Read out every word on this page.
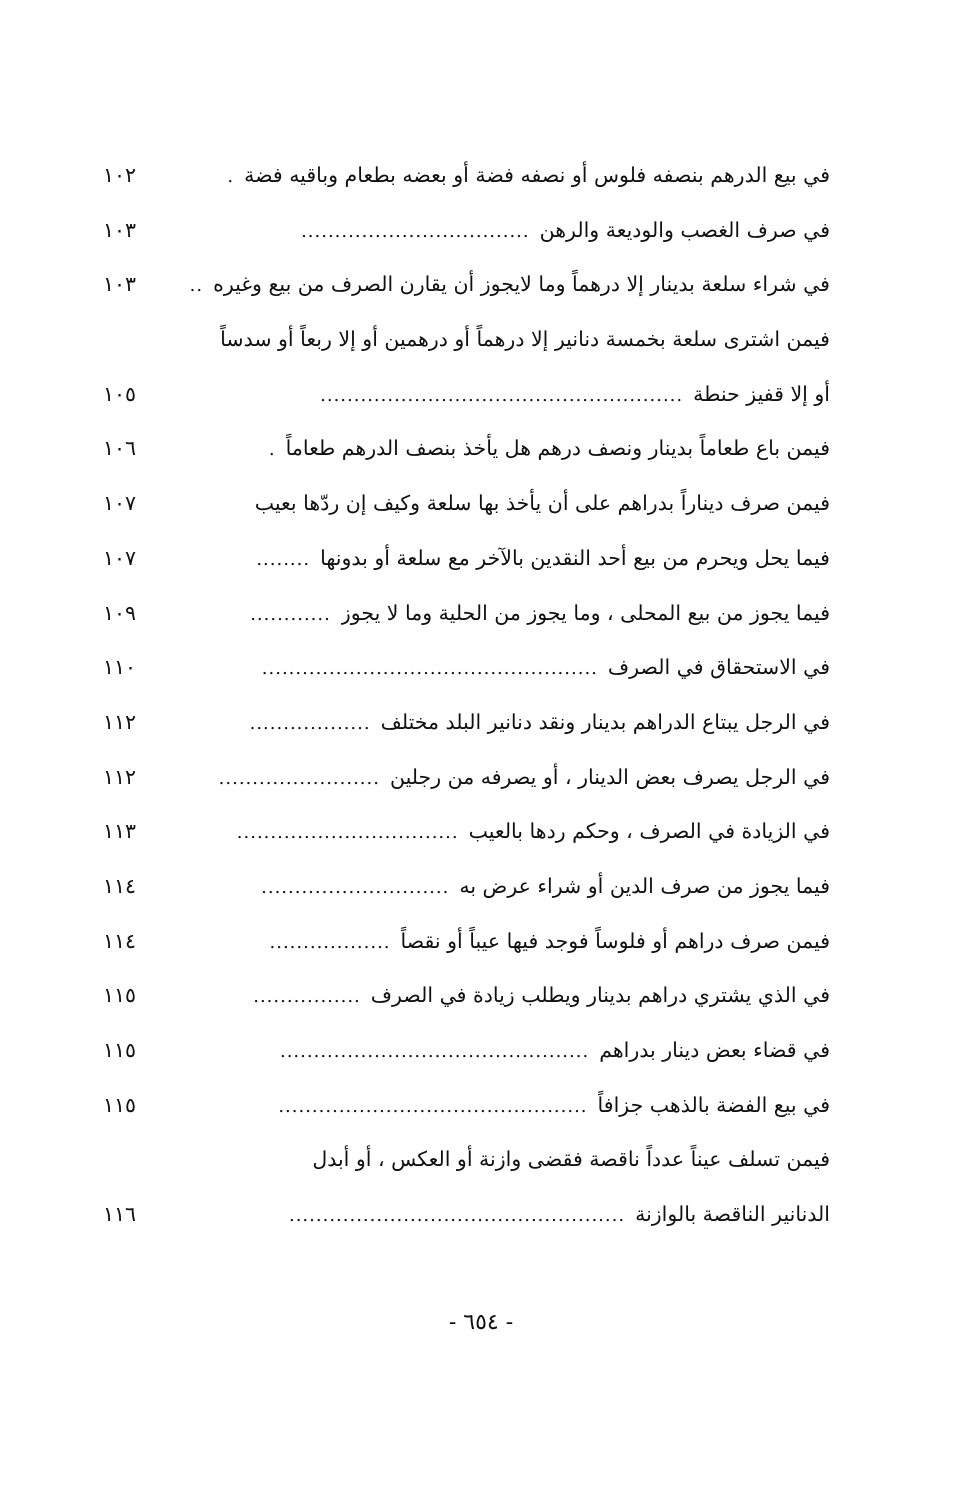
في بيع الدرهم بنصفه فلوس أو نصفه فضة أو بعضه بطعام وباقيه فضة
.
١٠٢
في صرف الغصب والوديعة والرهن
..................................
١٠٣
في شراء سلعة بدينار إلا درهماً وما لايجوز أن يقارن الصرف من بيع وغيره
..
١٠٣
فيمن اشترى سلعة بخمسة دنانير إلا درهماً أو درهمين أو إلا ربعاً أو سدساً
أو إلا قفيز حنطة
......................................................
١٠٥
فيمن باع طعاماً بدينار ونصف درهم هل يأخذ بنصف الدرهم طعاماً
.
١٠٦
فيمن صرف ديناراً بدراهم على أن يأخذ بها سلعة وكيف إن ردّها بعيب
١٠٧
فيما يحل ويحرم من بيع أحد النقدين بالآخر مع سلعة أو بدونها
........
١٠٧
فيما يجوز من بيع المحلى ، وما يجوز من الحلية وما لا يجوز
............
١٠٩
في الاستحقاق في الصرف
..................................................
١١٠
في الرجل يبتاع الدراهم بدينار ونقد دنانير البلد مختلف
..................
١١٢
في الرجل يصرف بعض الدينار ، أو يصرفه من رجلين
........................
١١٢
في الزيادة في الصرف ، وحكم ردها بالعيب
.................................
١١٣
فيما يجوز من صرف الدين أو شراء عرض به
............................
١١٤
فيمن صرف دراهم أو فلوساً فوجد فيها عيباً أو نقصاً
..................
١١٤
في الذي يشتري دراهم بدينار ويطلب زيادة في الصرف
................
١١٥
في قضاء بعض دينار بدراهم
..............................................
١١٥
في بيع الفضة بالذهب جزافاً
..............................................
١١٥
فيمن تسلف عيناً عدداً ناقصة فقضى وازنة أو العكس ، أو أبدل
الدنانير الناقصة بالوازنة
..................................................
١١٦
- ٦٥٤ -
